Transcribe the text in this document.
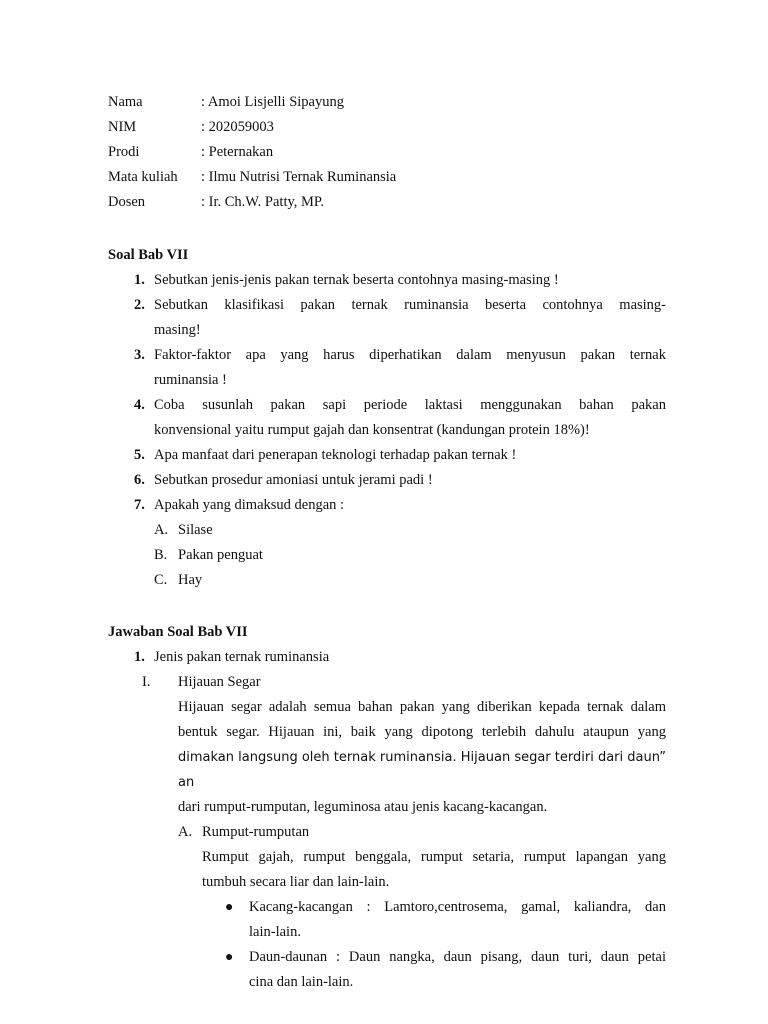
Nama	: Amoi Lisjelli Sipayung
NIM	: 202059003
Prodi	: Peternakan
Mata kuliah	: Ilmu Nutrisi Ternak Ruminansia
Dosen	: Ir. Ch.W. Patty, MP.
Soal Bab VII
1. Sebutkan jenis-jenis pakan ternak beserta contohnya masing-masing !
2. Sebutkan klasifikasi pakan ternak ruminansia beserta contohnya masing-
masing!
3. Faktor-faktor apa yang harus diperhatikan dalam menyusun pakan ternak
ruminansia !
4. Coba susunlah pakan sapi periode laktasi menggunakan bahan pakan
konvensional yaitu rumput gajah dan konsentrat (kandungan protein 18%)!
5. Apa manfaat dari penerapan teknologi terhadap pakan ternak !
6. Sebutkan prosedur amoniasi untuk jerami padi !
7. Apakah yang dimaksud dengan :
A. Silase
B. Pakan penguat
C. Hay
Jawaban Soal Bab VII
1. Jenis pakan ternak ruminansia
I.	Hijauan Segar
Hijauan segar adalah semua bahan pakan yang diberikan kepada ternak dalam
bentuk segar. Hijauan ini, baik yang dipotong terlebih dahulu ataupun yang
dimakan langsung oleh ternak ruminansia. Hijauan segar terdiri dari daun” an
dari rumput-rumputan, leguminosa atau jenis kacang-kacangan.
A. Rumput-rumputan
Rumput gajah, rumput benggala, rumput setaria, rumput lapangan yang
tumbuh secara liar dan lain-lain.
●	Kacang-kacangan : Lamtoro,centrosema, gamal, kaliandra, dan
lain-lain.
●	Daun-daunan : Daun nangka, daun pisang, daun turi, daun petai
cina dan lain-lain.
